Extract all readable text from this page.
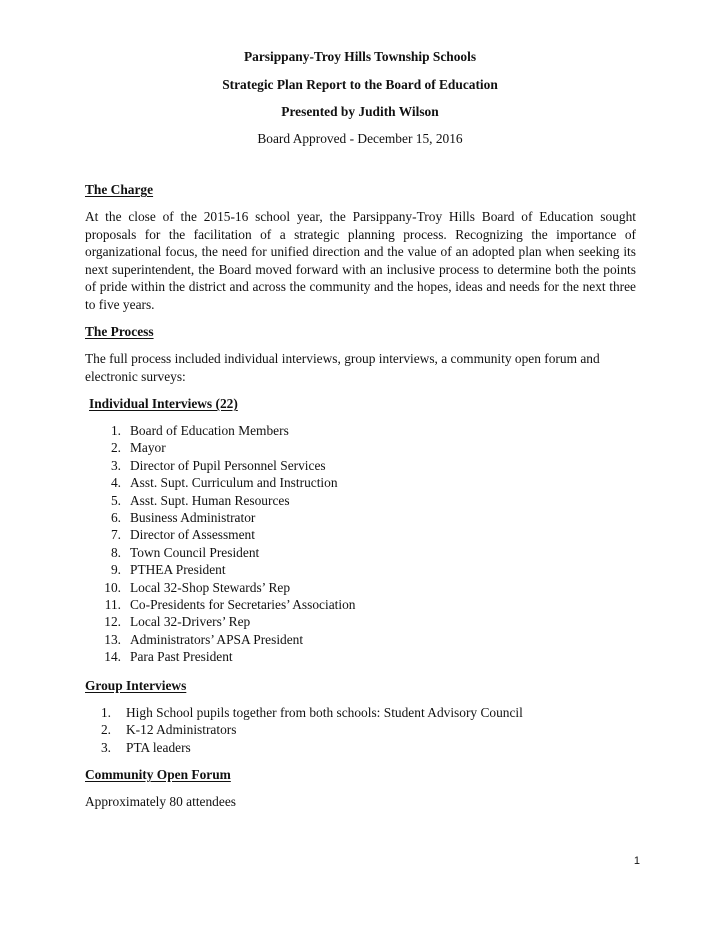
Parsippany-Troy Hills Township Schools
Strategic Plan Report to the Board of Education
Presented by Judith Wilson
Board Approved - December 15, 2016
The Charge
At the close of the 2015-16 school year, the Parsippany-Troy Hills Board of Education sought proposals for the facilitation of a strategic planning process. Recognizing the importance of organizational focus, the need for unified direction and the value of an adopted plan when seeking its next superintendent, the Board moved forward with an inclusive process to determine both the points of pride within the district and across the community and the hopes, ideas and needs for the next three to five years.
The Process
The full process included individual interviews, group interviews, a community open forum and electronic surveys:
Individual Interviews (22)
1. Board of Education Members
2. Mayor
3. Director of Pupil Personnel Services
4. Asst. Supt. Curriculum and Instruction
5. Asst. Supt. Human Resources
6. Business Administrator
7. Director of Assessment
8. Town Council President
9. PTHEA President
10. Local 32-Shop Stewards’ Rep
11. Co-Presidents for Secretaries’ Association
12. Local 32-Drivers’ Rep
13. Administrators’ APSA President
14. Para Past President
Group Interviews
1.	High School pupils together from both schools: Student Advisory Council
2.	K-12 Administrators
3.	PTA leaders
Community Open Forum
Approximately 80 attendees
1
